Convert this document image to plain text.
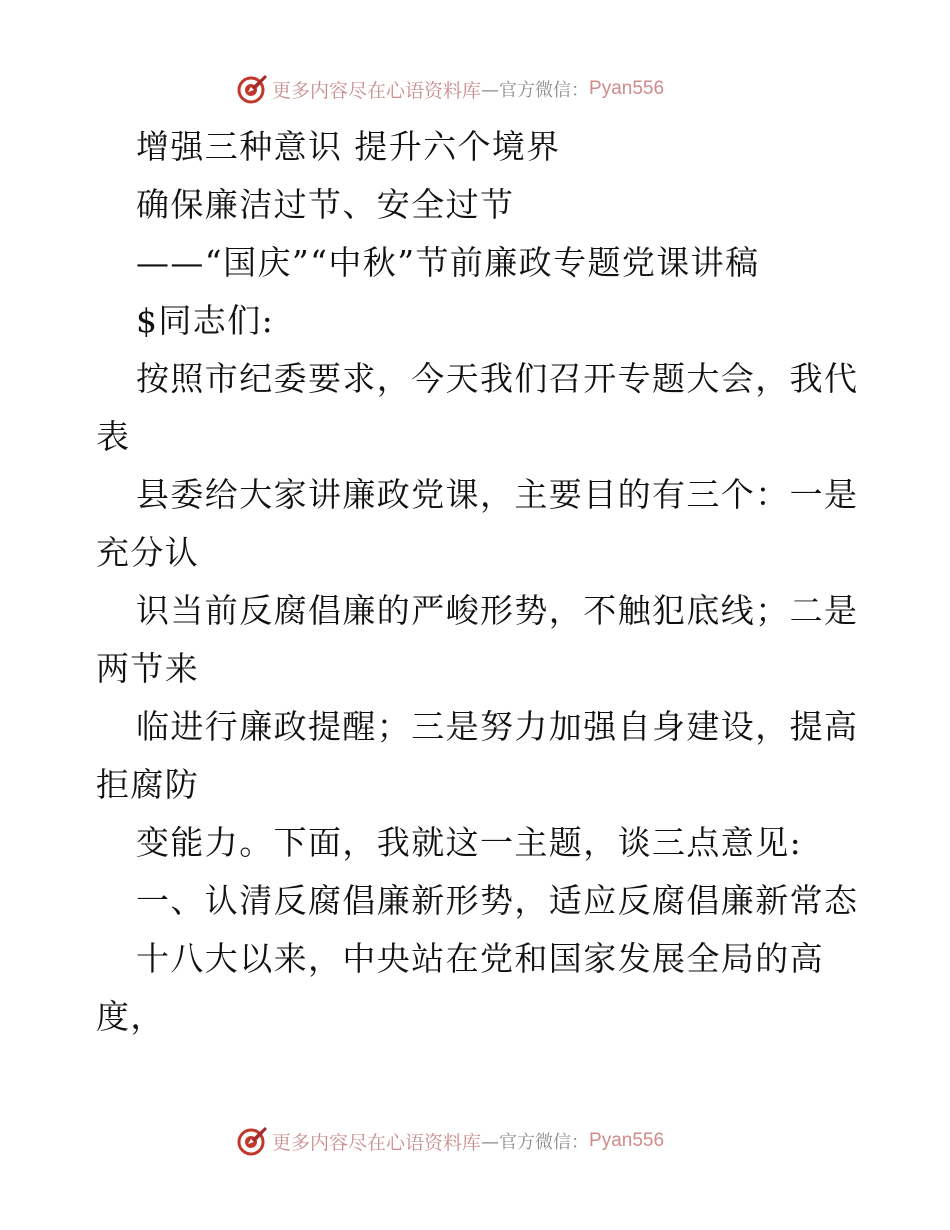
更多内容尽在心语资料库 —官方微信： Pyan556
增强三种意识 提升六个境界
确保廉洁过节、安全过节
——“国庆”“中秋”节前廉政专题党课讲稿
$同志们:
按照市纪委要求，今天我们召开专题大会，我代
表
县委给大家讲廉政党课，主要目的有三个：一是
充分认
识当前反腐倡廉的严峻形势，不触犯底线；二是
两节来
临进行廉政提醒；三是努力加强自身建设，提高
拒腐防
变能力。下面，我就这一主题，谈三点意见:
一、认清反腐倡廉新形势，适应反腐倡廉新常态
十八大以来，中央站在党和国家发展全局的高
度，
更多内容尽在心语资料库 —官方微信： Pyan556
